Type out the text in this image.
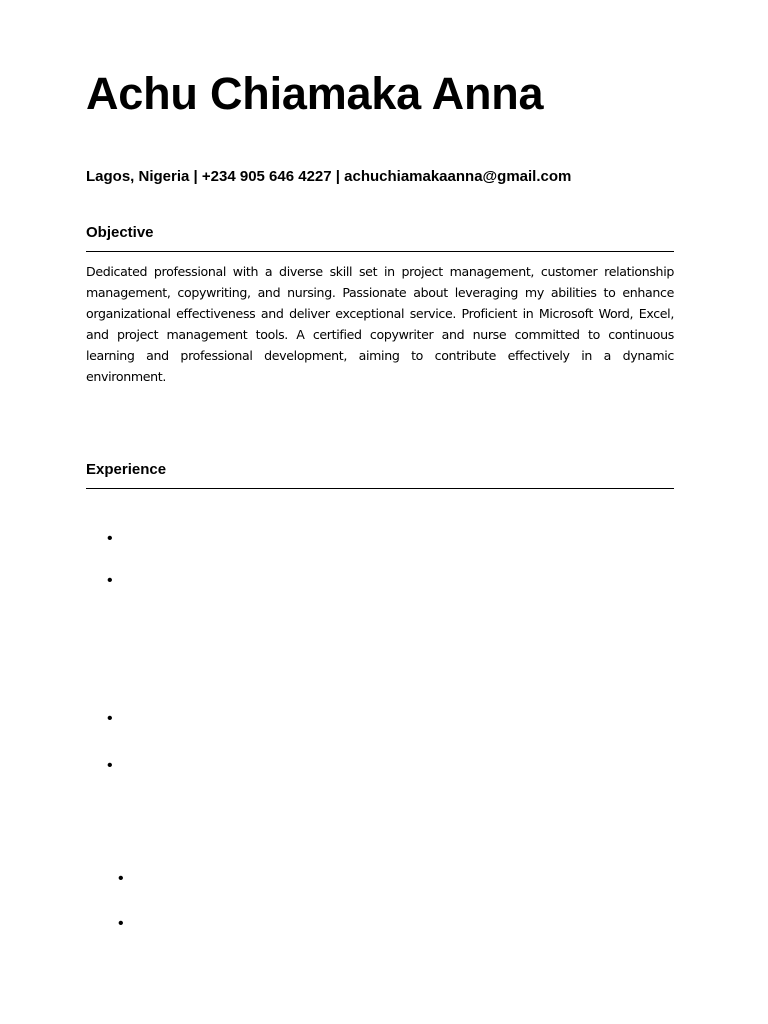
Achu Chiamaka Anna
Lagos, Nigeria | +234 905 646 4227 | achuchiamakaanna@gmail.com
Objective

Dedicated professional with a diverse skill set in project management, customer relationship management, copywriting, and nursing. Passionate about leveraging my abilities to enhance organizational effectiveness and deliver exceptional service. Proficient in Microsoft Word, Excel, and project management tools. A certified copywriter and nurse committed to continuous learning and professional development, aiming to contribute effectively in a dynamic environment.

Experience
•
•
•
•
•
•
